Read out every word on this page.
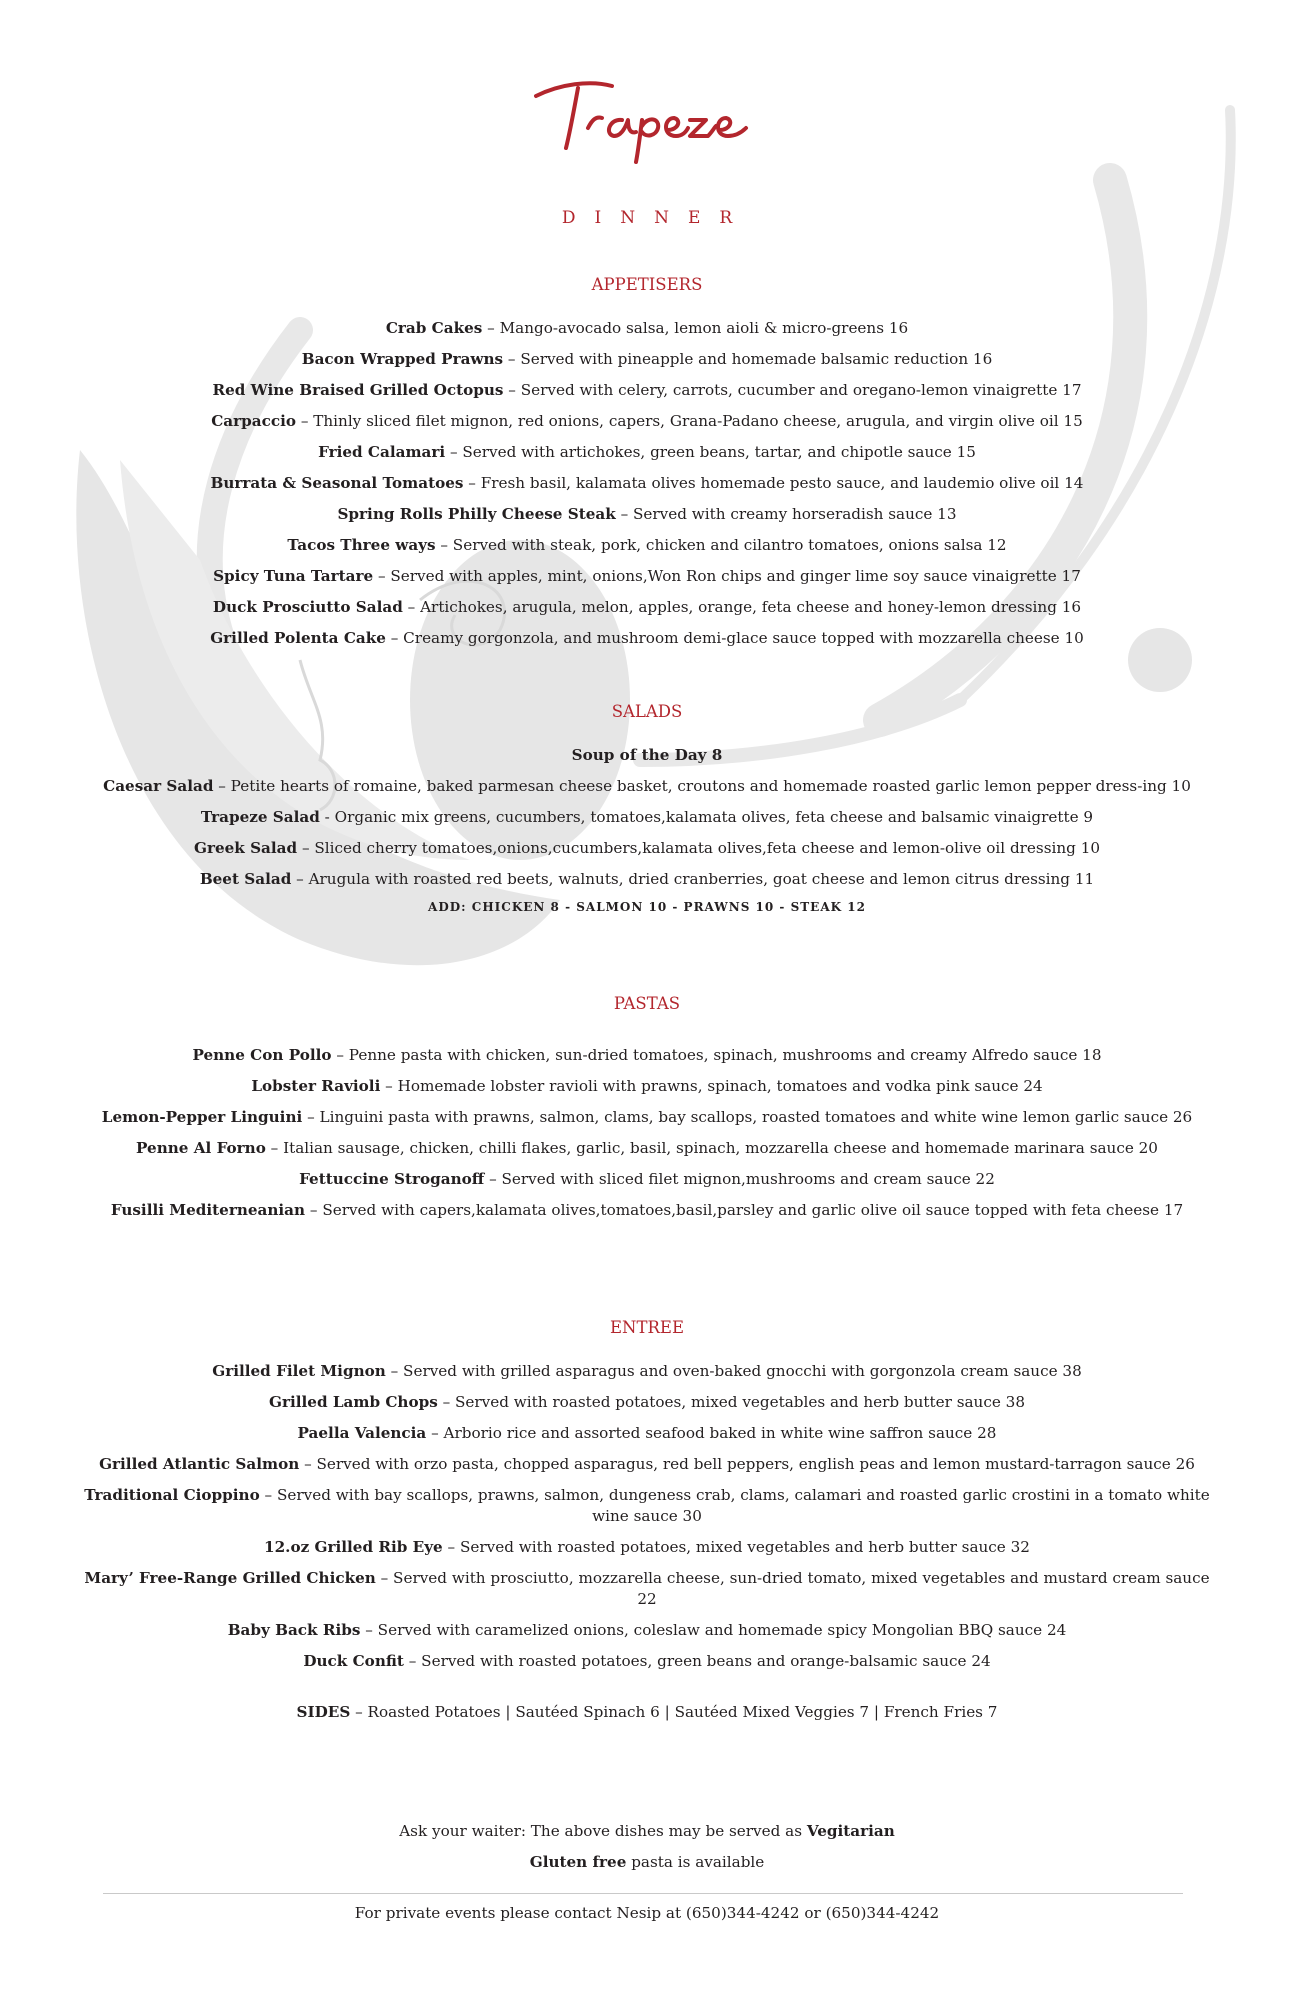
DINNER
APPETISERS
Crab Cakes – Mango-avocado salsa, lemon aioli & micro-greens 16
Bacon Wrapped Prawns – Served with pineapple and homemade balsamic reduction 16
Red Wine Braised Grilled Octopus – Served with celery, carrots, cucumber and oregano-lemon vinaigrette 17
Carpaccio – Thinly sliced filet mignon, red onions, capers, Grana-Padano cheese, arugula, and virgin olive oil 15
Fried Calamari – Served with artichokes, green beans, tartar, and chipotle sauce 15
Burrata & Seasonal Tomatoes – Fresh basil, kalamata olives homemade pesto sauce, and laudemio olive oil 14
Spring Rolls Philly Cheese Steak – Served with creamy horseradish sauce 13
Tacos Three ways – Served with steak, pork, chicken and cilantro tomatoes, onions salsa 12
Spicy Tuna Tartare – Served with apples, mint, onions,Won Ron chips and ginger lime soy sauce vinaigrette 17
Duck Prosciutto Salad – Artichokes, arugula, melon, apples, orange, feta cheese and honey-lemon dressing 16
Grilled Polenta Cake – Creamy gorgonzola, and mushroom demi-glace sauce topped with mozzarella cheese 10
SALADS
Soup of the Day 8
Caesar Salad – Petite hearts of romaine, baked parmesan cheese basket, croutons and homemade roasted garlic lemon pepper dress-ing 10
Trapeze Salad - Organic mix greens, cucumbers, tomatoes,kalamata olives, feta cheese and balsamic vinaigrette 9
Greek Salad – Sliced cherry tomatoes,onions,cucumbers,kalamata olives,feta cheese and lemon-olive oil dressing 10
Beet Salad – Arugula with roasted red beets, walnuts, dried cranberries, goat cheese and lemon citrus dressing 11
ADD: CHICKEN 8 - SALMON 10 - PRAWNS 10 - STEAK 12
PASTAS
Penne Con Pollo – Penne pasta with chicken, sun-dried tomatoes, spinach, mushrooms and creamy Alfredo sauce 18
Lobster Ravioli – Homemade lobster ravioli with prawns, spinach, tomatoes and vodka pink sauce 24
Lemon-Pepper Linguini – Linguini pasta with prawns, salmon, clams, bay scallops, roasted tomatoes and white wine lemon garlic sauce 26
Penne Al Forno – Italian sausage, chicken, chilli flakes, garlic, basil, spinach, mozzarella cheese and homemade marinara sauce 20
Fettuccine Stroganoff – Served with sliced filet mignon,mushrooms and cream sauce 22
Fusilli Mediterneanian – Served with capers,kalamata olives,tomatoes,basil,parsley and garlic olive oil sauce topped with feta cheese 17
ENTREE
Grilled Filet Mignon – Served with grilled asparagus and oven-baked gnocchi with gorgonzola cream sauce 38
Grilled Lamb Chops – Served with roasted potatoes, mixed vegetables and herb butter sauce 38
Paella Valencia – Arborio rice and assorted seafood baked in white wine saffron sauce 28
Grilled Atlantic Salmon – Served with orzo pasta, chopped asparagus, red bell peppers, english peas and lemon mustard-tarragon sauce 26
Traditional Cioppino – Served with bay scallops, prawns, salmon, dungeness crab, clams, calamari and roasted garlic crostini in a tomato white wine sauce 30
12.oz Grilled Rib Eye – Served with roasted potatoes, mixed vegetables and herb butter sauce 32
Mary’ Free-Range Grilled Chicken – Served with prosciutto, mozzarella cheese, sun-dried tomato, mixed vegetables and mustard cream sauce 22
Baby Back Ribs – Served with caramelized onions, coleslaw and homemade spicy Mongolian BBQ sauce 24
Duck Confit – Served with roasted potatoes, green beans and orange-balsamic sauce 24
SIDES – Roasted Potatoes | Sautéed Spinach 6 | Sautéed Mixed Veggies 7 | French Fries 7
Ask your waiter: The above dishes may be served as Vegitarian
Gluten free pasta is available
For private events please contact Nesip at (650)344-4242 or (650)344-4242
